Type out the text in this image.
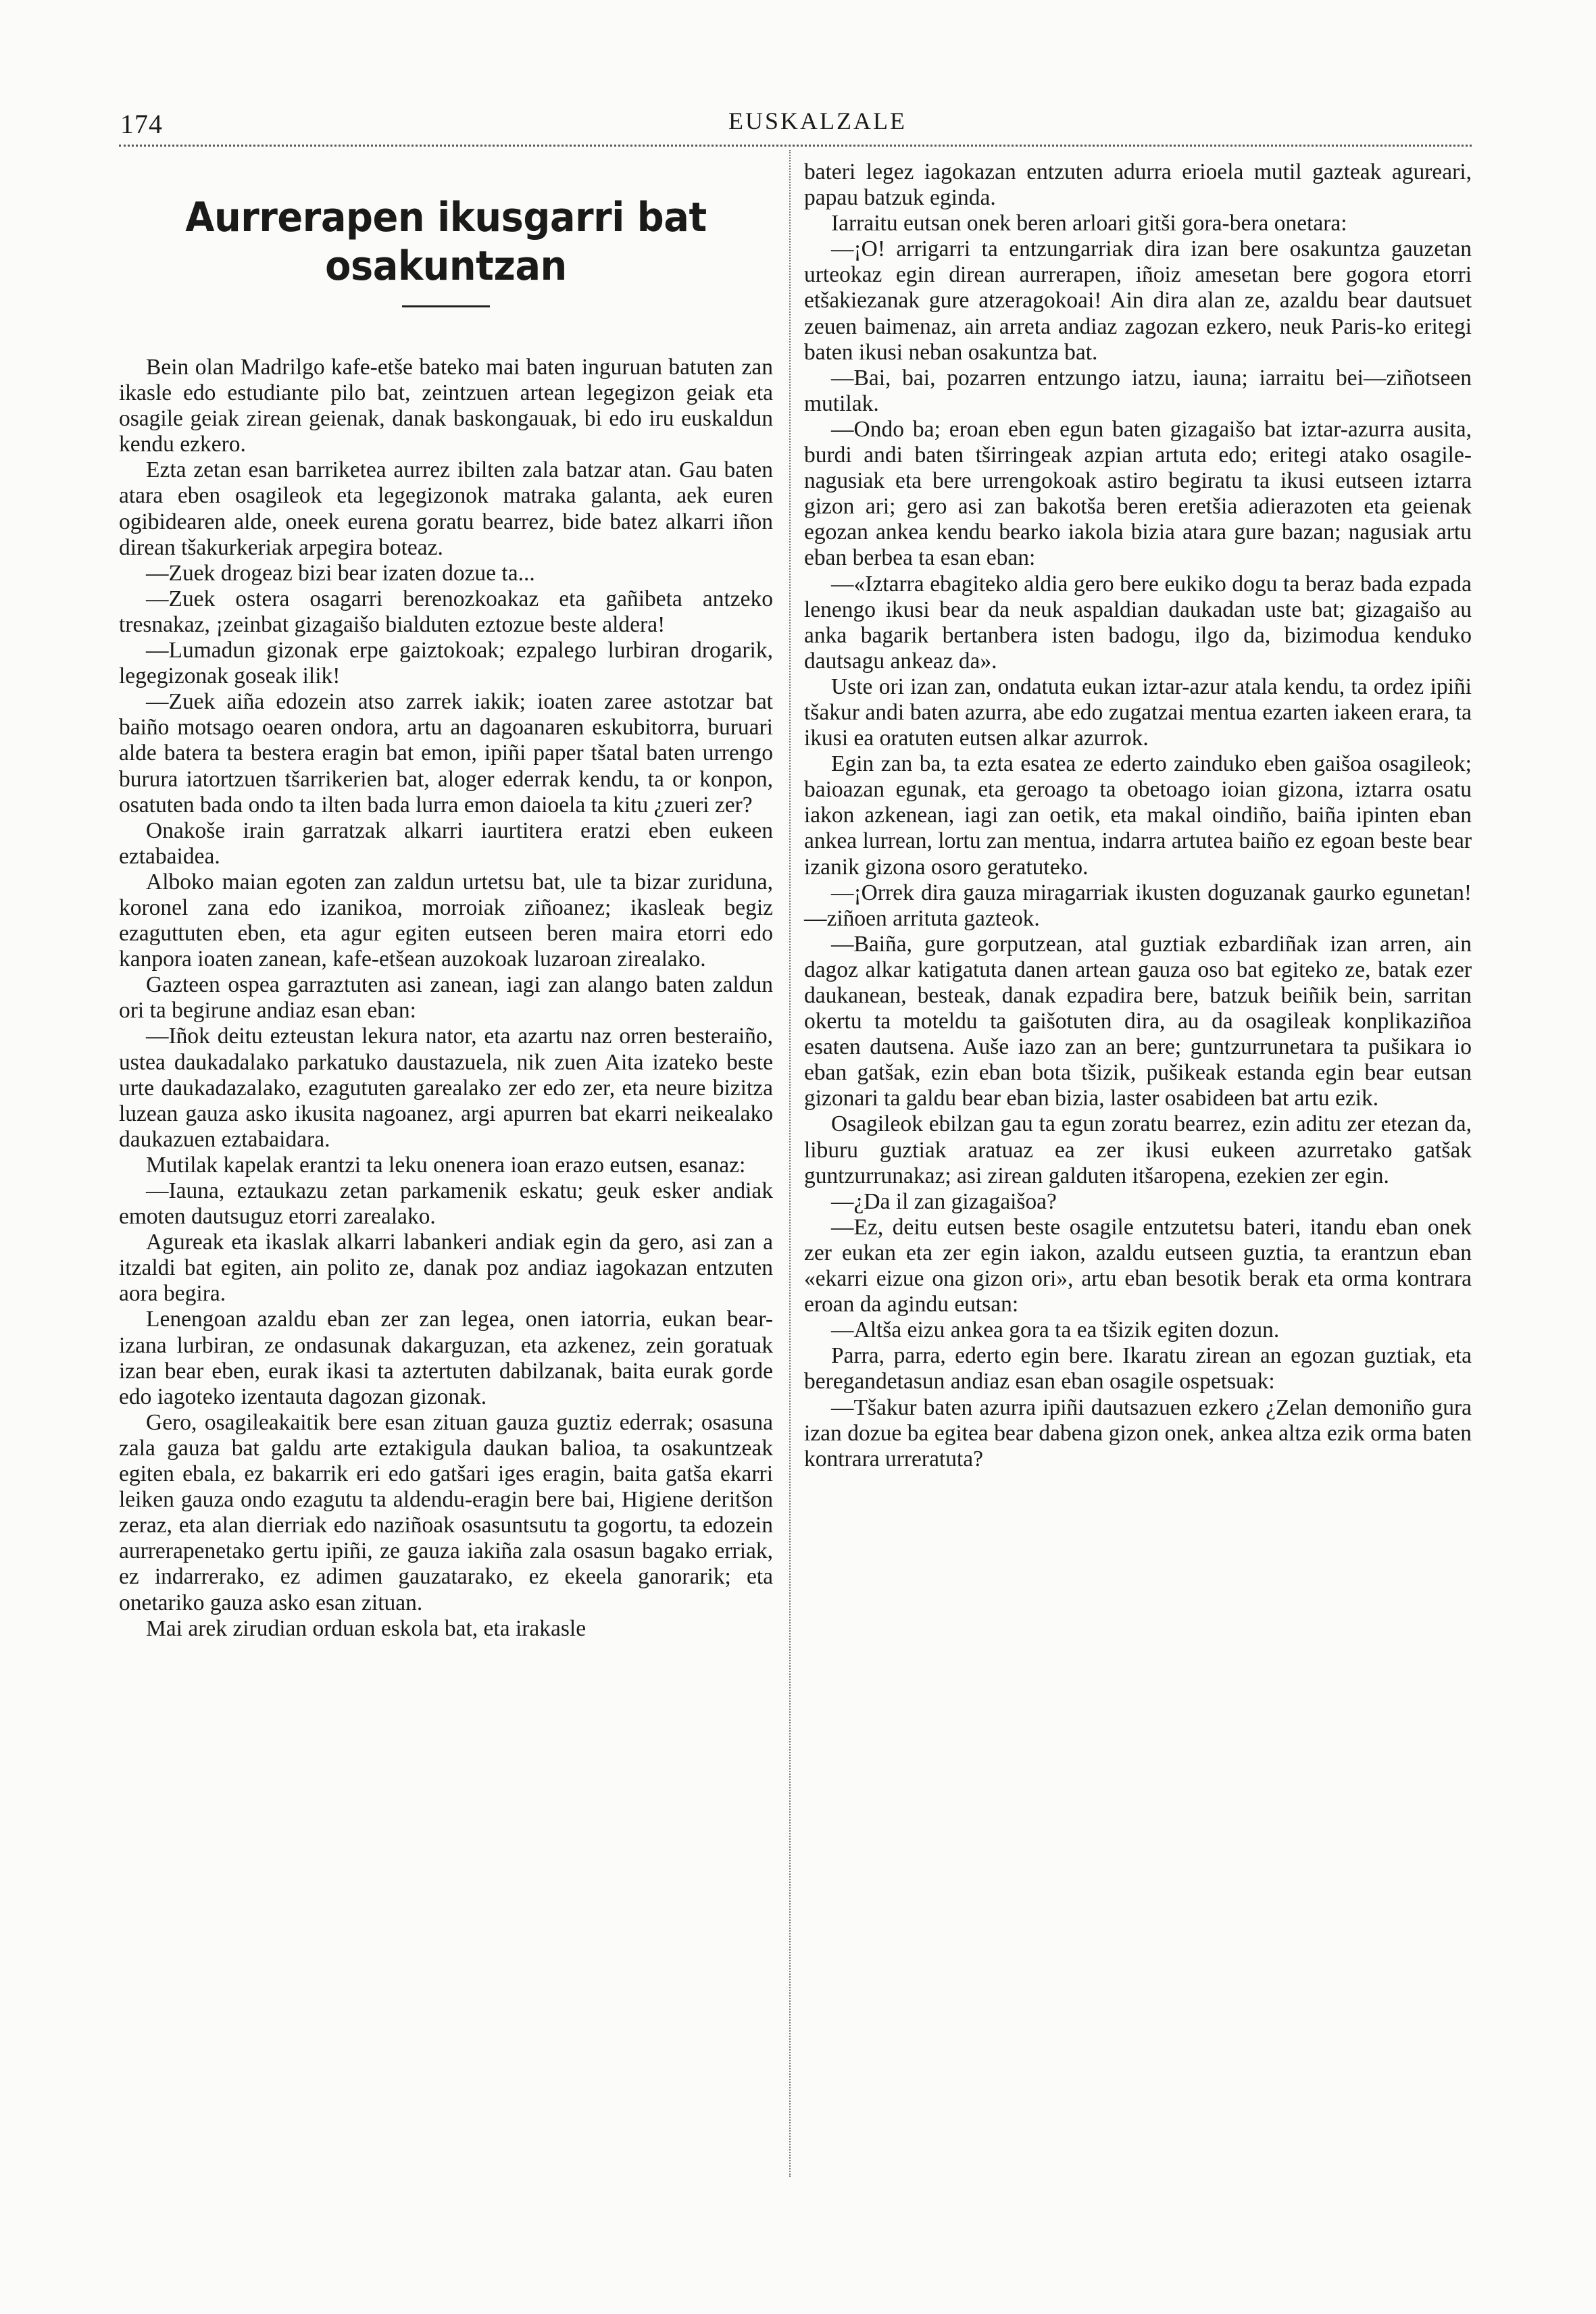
174	EUSKALZALE
Aurrerapen ikusgarri bat osakuntzan

Bein olan Madrilgo kafe-etše bateko mai baten inguruan batuten zan ikasle edo estudiante pilo bat, zeintzuen artean legegizon geiak eta osagile geiak zirean geienak, danak baskongauak, bi edo iru euskaldun kendu ezkero.

Ezta zetan esan barriketea aurrez ibilten zala batzar atan. Gau baten atara eben osagileok eta legegizonok matraka galanta, aek euren ogibidearen alde, oneek eurena goratu bearrez, bide batez alkarri iñon direan tšakurkeriak arpegira boteaz.

—Zuek drogeaz bizi bear izaten dozue ta...

—Zuek ostera osagarri berenozkoakaz eta gañibeta antzeko tresnakaz, ¡zeinbat gizagaišo bialduten eztozue beste aldera!

—Lumadun gizonak erpe gaiztokoak; ezpalego lurbiran drogarik, legegizonak goseak ilik!

—Zuek aiña edozein atso zarrek iakik; ioaten zaree astotzar bat baiño motsago oearen ondora, artu an dagoanaren eskubitorra, buruari alde batera ta bestera eragin bat emon, ipiñi paper tšatal baten urrengo burura iatortzuen tšarrikerien bat, aloger ederrak kendu, ta or konpon, osatuten bada ondo ta ilten bada lurra emon daioela ta kitu ¿zueri zer?

Onakoše irain garratzak alkarri iaurtitera eratzi eben eukeen eztabaidea.

Alboko maian egoten zan zaldun urtetsu bat, ule ta bizar zuriduna, koronel zana edo izanikoa, morroiak ziñoanez; ikasleak begiz ezaguttuten eben, eta agur egiten eutseen beren maira etorri edo kanpora ioaten zanean, kafe-etšean auzokoak luzaroan zirealako.

Gazteen ospea garraztuten asi zanean, iagi zan alango baten zaldun ori ta begirune andiaz esan eban:

—Iñok deitu ezteustan lekura nator, eta azartu naz orren besteraiño, ustea daukadalako parkatuko daustazuela, nik zuen Aita izateko beste urte daukadazalako, ezagututen garealako zer edo zer, eta neure bizitza luzean gauza asko ikusita nagoanez, argi apurren bat ekarri neikealako daukazuen eztabaidara.

Mutilak kapelak erantzi ta leku onenera ioan erazo eutsen, esanaz:

—Iauna, eztaukazu zetan parkamenik eskatu; geuk esker andiak emoten dautsuguz etorri zarealako.

Agureak eta ikaslak alkarri labankeri andiak egin da gero, asi zan a itzaldi bat egiten, ain polito ze, danak poz andiaz iagokazan entzuten aora begira.

Lenengoan azaldu eban zer zan legea, onen iatorria, eukan bear-izana lurbiran, ze ondasunak dakarguzan, eta azkenez, zein goratuak izan bear eben, eurak ikasi ta aztertuten dabilzanak, baita eurak gorde edo iagoteko izentauta dagozan gizonak.

Gero, osagileakaitik bere esan zituan gauza guztiz ederrak; osasuna zala gauza bat galdu arte eztakigula daukan balioa, ta osakuntzeak egiten ebala, ez bakarrik eri edo gatšari iges eragin, baita gatša ekarri leiken gauza ondo ezagutu ta aldendu-eragin bere bai, Higiene deritšon zeraz, eta alan dierriak edo naziñoak osasuntsutu ta gogortu, ta edozein aurrerapenetako gertu ipiñi, ze gauza iakiña zala osasun bagako erriak, ez indarrerako, ez adimen gauzatarako, ez ekeela ganorarik; eta onetariko gauza asko esan zituan.

Mai arek zirudian orduan eskola bat, eta irakasle

bateri legez iagokazan entzuten adurra erioela mutil gazteak agureari, papau batzuk eginda.

Iarraitu eutsan onek beren arloari gitši gora-bera onetara:

—¡O! arrigarri ta entzungarriak dira izan bere osakuntza gauzetan urteokaz egin direan aurrerapen, iñoiz amesetan bere gogora etorri etšakiezanak gure atzeragokoai! Ain dira alan ze, azaldu bear dautsuet zeuen baimenaz, ain arreta andiaz zagozan ezkero, neuk Paris-ko eritegi baten ikusi neban osakuntza bat.

—Bai, bai, pozarren entzungo iatzu, iauna; iarraitu bei—ziñotseen mutilak.

—Ondo ba; eroan eben egun baten gizagaišo bat iztar-azurra ausita, burdi andi baten tširringeak azpian artuta edo; eritegi atako osagile-nagusiak eta bere urrengokoak astiro begiratu ta ikusi eutseen iztarra gizon ari; gero asi zan bakotša beren eretšia adierazoten eta geienak egozan ankea kendu bearko iakola bizia atara gure bazan; nagusiak artu eban berbea ta esan eban:

—«Iztarra ebagiteko aldia gero bere eukiko dogu ta beraz bada ezpada lenengo ikusi bear da neuk aspaldian daukadan uste bat; gizagaišo au anka bagarik bertanbera isten badogu, ilgo da, bizimodua kenduko dautsagu ankeaz da».

Uste ori izan zan, ondatuta eukan iztar-azur atala kendu, ta ordez ipiñi tšakur andi baten azurra, abe edo zugatzai mentua ezarten iakeen erara, ta ikusi ea oratuten eutsen alkar azurrok.

Egin zan ba, ta ezta esatea ze ederto zainduko eben gaišoa osagileok; baioazan egunak, eta geroago ta obetoago ioian gizona, iztarra osatu iakon azkenean, iagi zan oetik, eta makal oindiño, baiña ipinten eban ankea lurrean, lortu zan mentua, indarra artutea baiño ez egoan beste bear izanik gizona osoro geratuteko.

—¡Orrek dira gauza miragarriak ikusten doguzanak gaurko egunetan!—ziñoen arrituta gazteok.

—Baiña, gure gorputzean, atal guztiak ezbardiñak izan arren, ain dagoz alkar katigatuta danen artean gauza oso bat egiteko ze, batak ezer daukanean, besteak, danak ezpadira bere, batzuk beiñik bein, sarritan okertu ta moteldu ta gaišotuten dira, au da osagileak konplikaziñoa esaten dautsena. Auše iazo zan an bere; guntzurrunetara ta pušikara io eban gatšak, ezin eban bota tšizik, pušikeak estanda egin bear eutsan gizonari ta galdu bear eban bizia, laster osabideen bat artu ezik.

Osagileok ebilzan gau ta egun zoratu bearrez, ezin aditu zer etezan da, liburu guztiak aratuaz ea zer ikusi eukeen azurretako gatšak guntzurrunakaz; asi zirean galduten itšaropena, ezekien zer egin.

—¿Da il zan gizagaišoa?

—Ez, deitu eutsen beste osagile entzutetsu bateri, itandu eban onek zer eukan eta zer egin iakon, azaldu eutseen guztia, ta erantzun eban «ekarri eizue ona gizon ori», artu eban besotik berak eta orma kontrara eroan da agindu eutsan:

—Altša eizu ankea gora ta ea tšizik egiten dozun.

Parra, parra, ederto egin bere. Ikaratu zirean an egozan guztiak, eta beregandetasun andiaz esan eban osagile ospetsuak:

—Tšakur baten azurra ipiñi dautsazuen ezkero ¿Zelan demoniño gura izan dozue ba egitea bear dabena gizon onek, ankea altza ezik orma baten kontrara urreratuta?
